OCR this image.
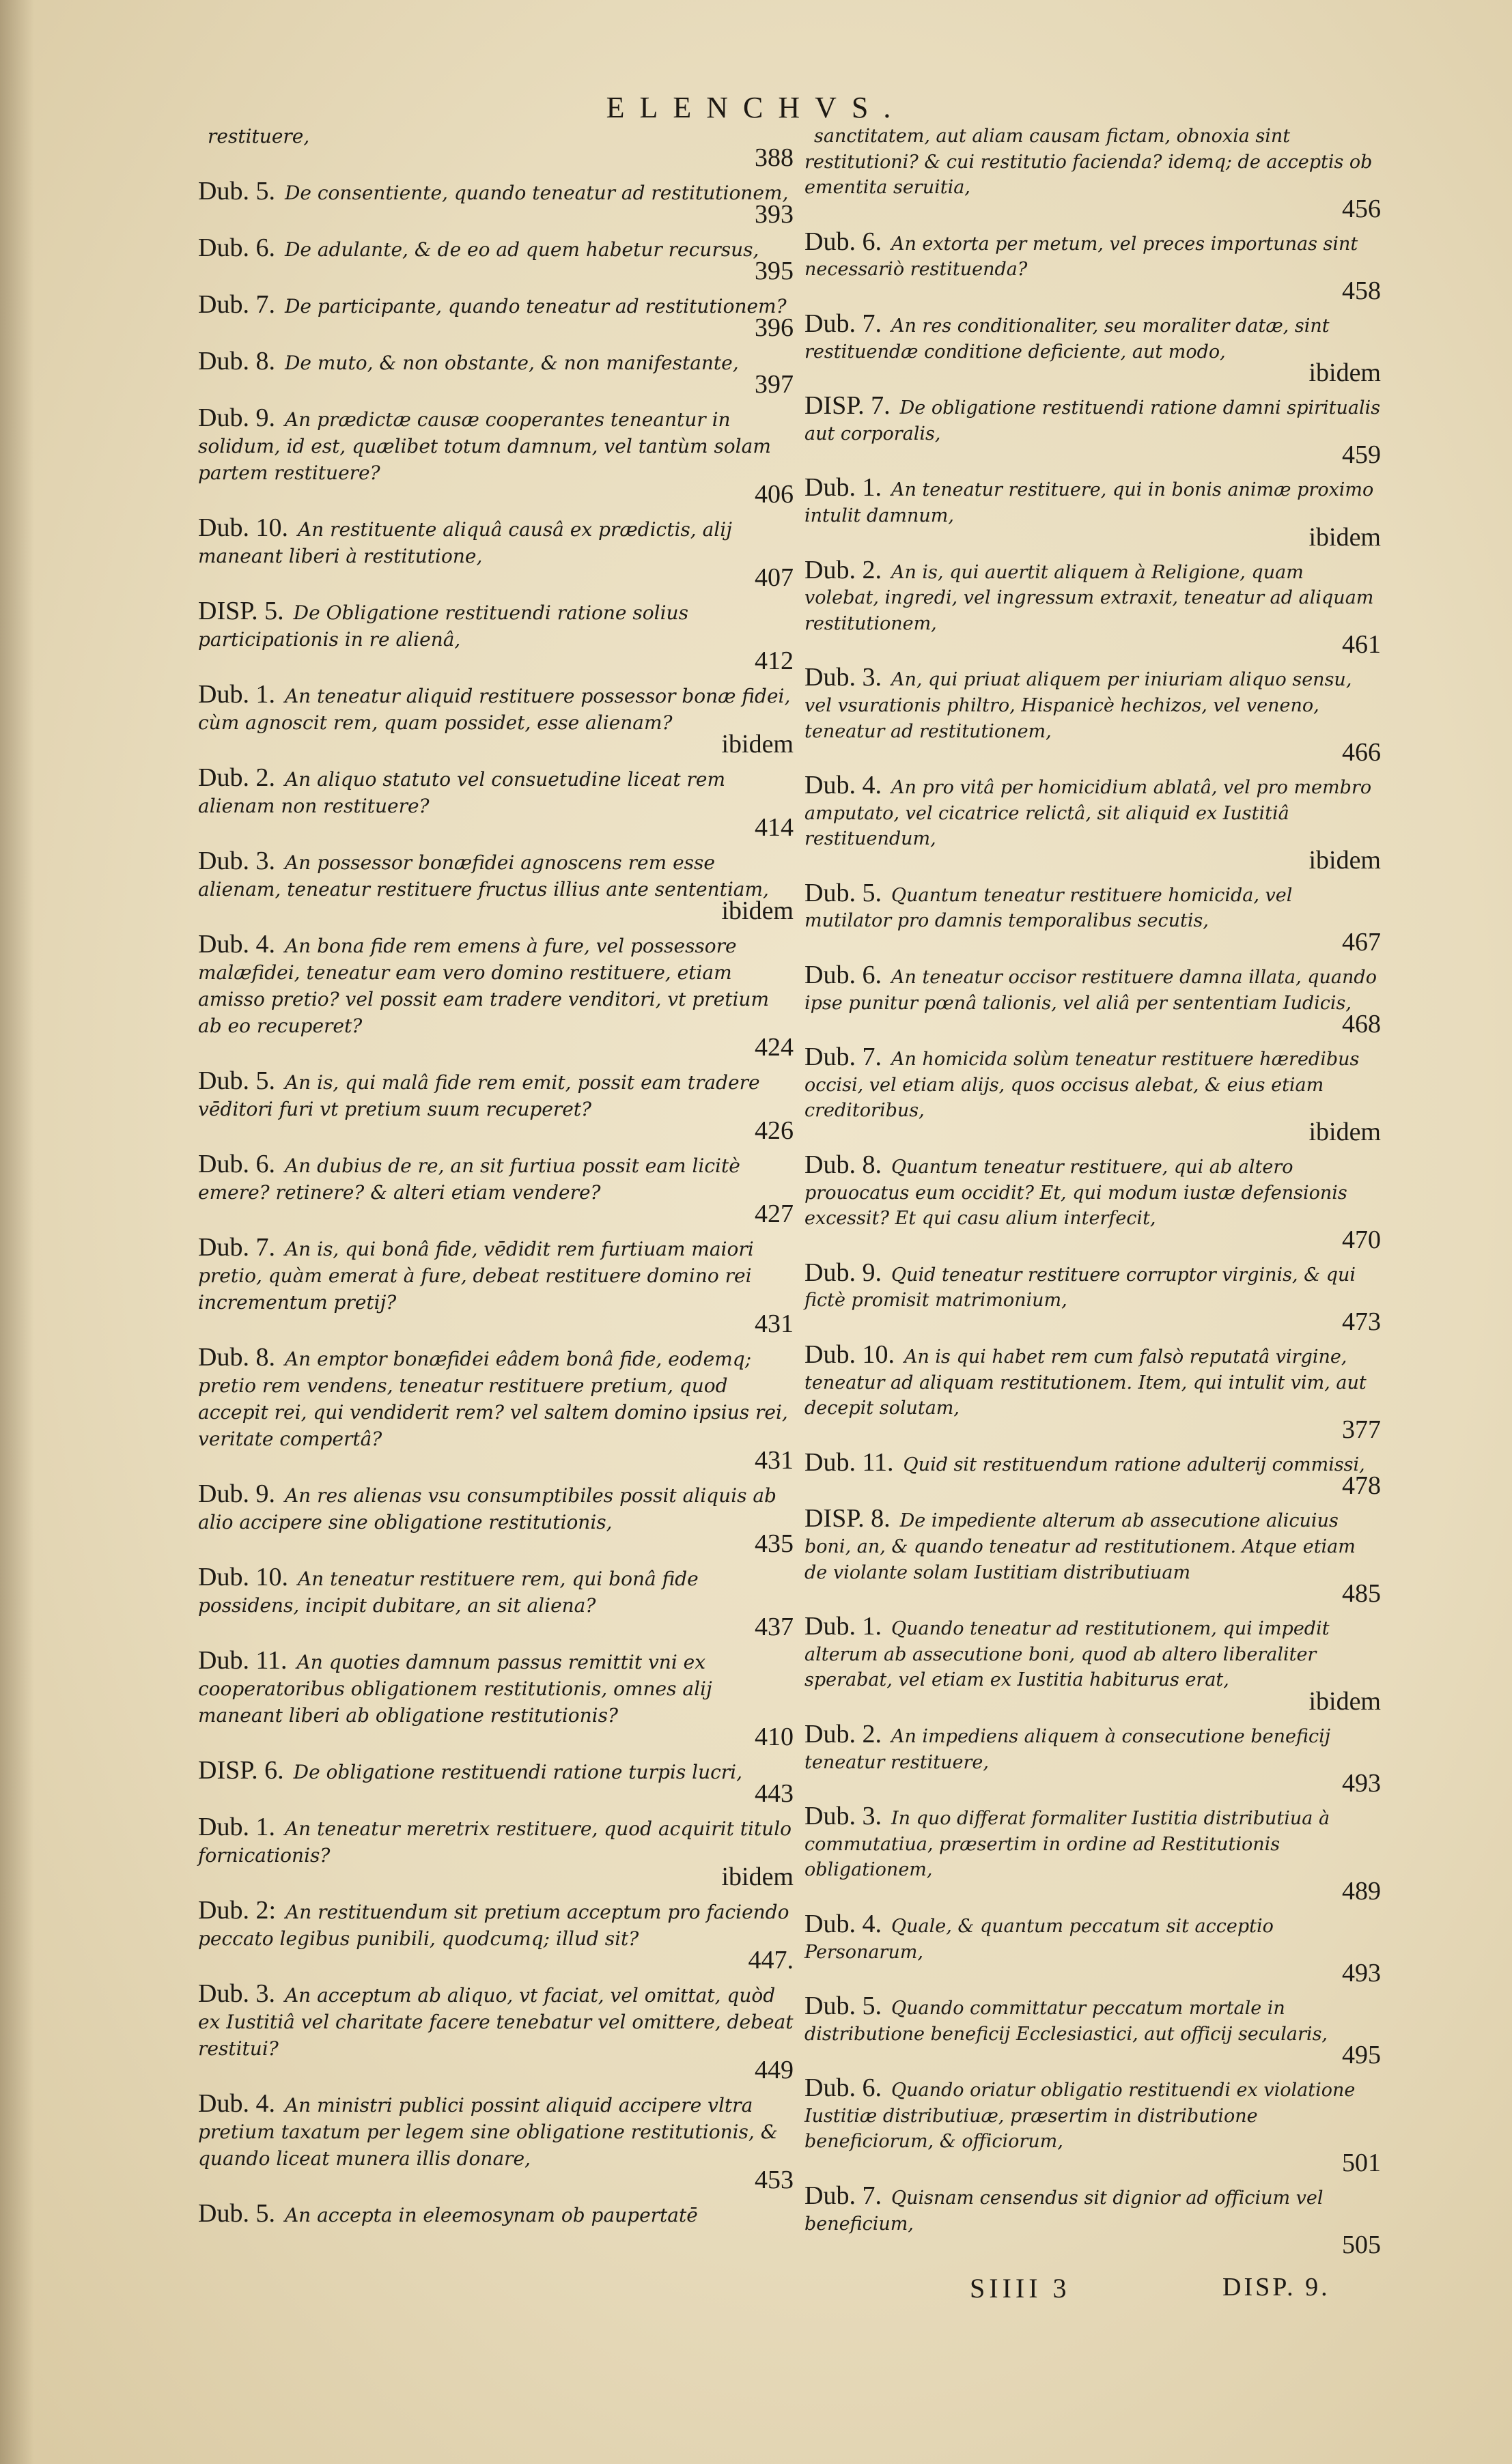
ELENCHVS.
restituere,
388
Dub. 5. De consentiente, quando teneatur ad restitutionem,
393
Dub. 6. De adulante, & de eo ad quem habetur recursus,
395
Dub. 7. De participante, quando teneatur ad restitutionem?
396
Dub. 8. De muto, & non obstante, & non manifestante,
397
Dub. 9. An prædictæ causæ cooperantes teneantur in solidum, id est, quælibet totum damnum, vel tantùm solam partem restituere?
406
Dub. 10. An restituente aliquâ causâ ex prædictis, alij maneant liberi à restitutione,
407
DISP. 5. De Obligatione restituendi ratione solius participationis in re alienâ,
412
Dub. 1. An teneatur aliquid restituere possessor bonæ fidei, cùm agnoscit rem, quam possidet, esse alienam?
ibidem
Dub. 2. An aliquo statuto vel consuetudine liceat rem alienam non restituere?
414
Dub. 3. An possessor bonæfidei agnoscens rem esse alienam, teneatur restituere fructus illius ante sententiam,
ibidem
Dub. 4. An bona fide rem emens à fure, vel possessore malæfidei, teneatur eam vero domino restituere, etiam amisso pretio? vel possit eam tradere venditori, vt pretium ab eo recuperet?
424
Dub. 5. An is, qui malâ fide rem emit, possit eam tradere vēditori furi vt pretium suum recuperet?
426
Dub. 6. An dubius de re, an sit furtiua possit eam licitè emere? retinere? & alteri etiam vendere?
427
Dub. 7. An is, qui bonâ fide, vēdidit rem furtiuam maiori pretio, quàm emerat à fure, debeat restituere domino rei incrementum pretij?
431
Dub. 8. An emptor bonæfidei eâdem bonâ fide, eodemq; pretio rem vendens, teneatur restituere pretium, quod accepit rei, qui vendiderit rem? vel saltem domino ipsius rei, veritate compertâ?
431
Dub. 9. An res alienas vsu consumptibiles possit aliquis ab alio accipere sine obligatione restitutionis,
435
Dub. 10. An teneatur restituere rem, qui bonâ fide possidens, incipit dubitare, an sit aliena?
437
Dub. 11. An quoties damnum passus remittit vni ex cooperatoribus obligationem restitutionis, omnes alij maneant liberi ab obligatione restitutionis?
410
DISP. 6. De obligatione restituendi ratione turpis lucri,
443
Dub. 1. An teneatur meretrix restituere, quod acquirit titulo fornicationis?
ibidem
Dub. 2: An restituendum sit pretium acceptum pro faciendo peccato legibus punibili, quodcumq; illud sit?
447.
Dub. 3. An acceptum ab aliquo, vt faciat, vel omittat, quòd ex Iustitiâ vel charitate facere tenebatur vel omittere, debeat restitui?
449
Dub. 4. An ministri publici possint aliquid accipere vltra pretium taxatum per legem sine obligatione restitutionis, & quando liceat munera illis donare,
453
Dub. 5. An accepta in eleemosynam ob paupertatē
sanctitatem, aut aliam causam fictam, obnoxia sint restitutioni? & cui restitutio facienda? idemq; de acceptis ob ementita seruitia,
456
Dub. 6. An extorta per metum, vel preces importunas sint necessariò restituenda?
458
Dub. 7. An res conditionaliter, seu moraliter datæ, sint restituendæ conditione deficiente, aut modo,
ibidem
DISP. 7. De obligatione restituendi ratione damni spiritualis aut corporalis,
459
Dub. 1. An teneatur restituere, qui in bonis animæ proximo intulit damnum,
ibidem
Dub. 2. An is, qui auertit aliquem à Religione, quam volebat, ingredi, vel ingressum extraxit, teneatur ad aliquam restitutionem,
461
Dub. 3. An, qui priuat aliquem per iniuriam aliquo sensu, vel vsurationis philtro, Hispanicè hechizos, vel veneno, teneatur ad restitutionem,
466
Dub. 4. An pro vitâ per homicidium ablatâ, vel pro membro amputato, vel cicatrice relictâ, sit aliquid ex Iustitiâ restituendum,
ibidem
Dub. 5. Quantum teneatur restituere homicida, vel mutilator pro damnis temporalibus secutis,
467
Dub. 6. An teneatur occisor restituere damna illata, quando ipse punitur pœnâ talionis, vel aliâ per sententiam Iudicis,
468
Dub. 7. An homicida solùm teneatur restituere hæredibus occisi, vel etiam alijs, quos occisus alebat, & eius etiam creditoribus,
ibidem
Dub. 8. Quantum teneatur restituere, qui ab altero prouocatus eum occidit? Et, qui modum iustæ defensionis excessit? Et qui casu alium interfecit,
470
Dub. 9. Quid teneatur restituere corruptor virginis, & qui fictè promisit matrimonium,
473
Dub. 10. An is qui habet rem cum falsò reputatâ virgine, teneatur ad aliquam restitutionem. Item, qui intulit vim, aut decepit solutam,
377
Dub. 11. Quid sit restituendum ratione adulterij commissi,
478
DISP. 8. De impediente alterum ab assecutione alicuius boni, an, & quando teneatur ad restitutionem. Atque etiam de violante solam Iustitiam distributiuam
485
Dub. 1. Quando teneatur ad restitutionem, qui impedit alterum ab assecutione boni, quod ab altero liberaliter sperabat, vel etiam ex Iustitia habiturus erat,
ibidem
Dub. 2. An impediens aliquem à consecutione beneficij teneatur restituere,
493
Dub. 3. In quo differat formaliter Iustitia distributiua à commutatiua, præsertim in ordine ad Restitutionis obligationem,
489
Dub. 4. Quale, & quantum peccatum sit acceptio Personarum,
493
Dub. 5. Quando committatur peccatum mortale in distributione beneficij Ecclesiastici, aut officij secularis,
495
Dub. 6. Quando oriatur obligatio restituendi ex violatione Iustitiæ distributiuæ, præsertim in distributione beneficiorum, & officiorum,
501
Dub. 7. Quisnam censendus sit dignior ad officium vel beneficium,
505
SIIII 3	DISP. 9.
